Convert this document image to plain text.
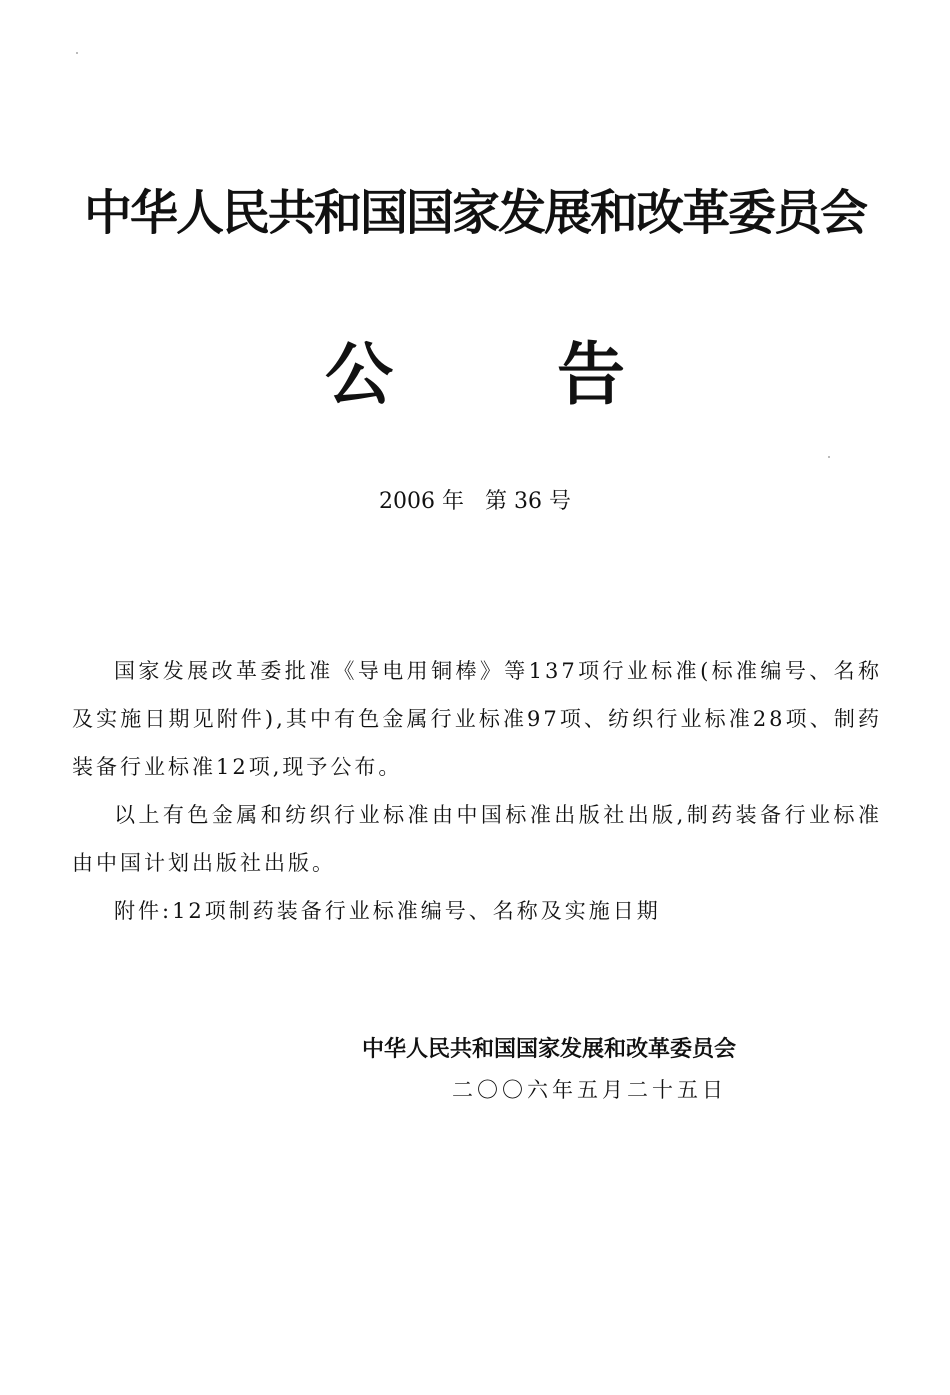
中华人民共和国国家发展和改革委员会
公 告
2006 年   第 36 号

国家发展改革委批准《导电用铜棒》等137项行业标准(标准编号、名称及实施日期见附件),其中有色金属行业标准97项、纺织行业标准28项、制药装备行业标准12项,现予公布。

以上有色金属和纺织行业标准由中国标准出版社出版,制药装备行业标准由中国计划出版社出版。

附件:12项制药装备行业标准编号、名称及实施日期

中华人民共和国国家发展和改革委员会
二〇〇六年五月二十五日
